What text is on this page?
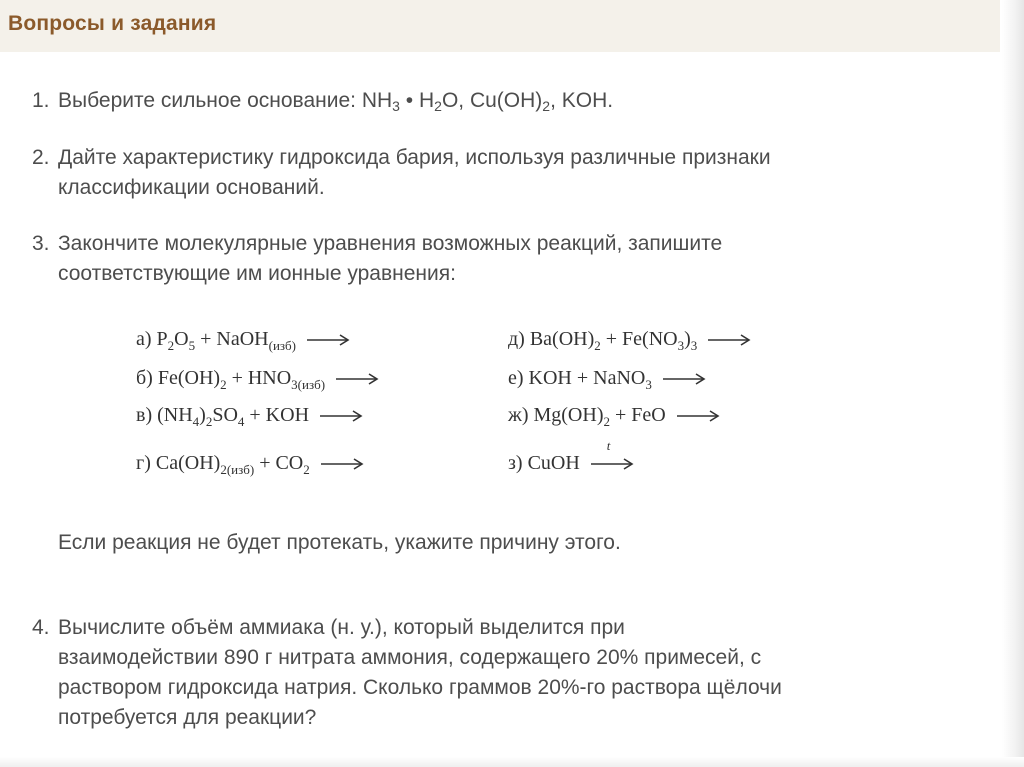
Вопросы и задания
1. Выберите сильное основание: $NH_3$ • $H_2O$, $Cu(OH)_2$, KOH.
2. Дайте характеристику гидроксида бария, используя различные признаки
классификации оснований.
3. Закончите молекулярные уравнения возможных реакций, запишите
соответствующие им ионные уравнения:
а) $P_2O_5$ + NaOH$_{(изб)}$ →
б) $Fe(OH)_2 + HNO_{3(изб)}$ →
в) $(NH_4)_2SO_4$ + KOH →
г) $Ca(OH)_{2(изб)} + CO_2$ →
д) $Ba(OH)_2 + Fe(NO_3)_3$ →
е) KOH + NaNO$_3$ →
ж) $Mg(OH)_2$ + FeO →
з) CuOH
t
Если реакция не будет протекать, укажите причину этого.
4. Вычислите объём аммиака (н. у.), который выделится при
взаимодействии 890 г нитрата аммония, содержащего 20% примесей, с
раствором гидроксида натрия. Сколько граммов 20%-го раствора щёлочи
потребуется для реакции?
